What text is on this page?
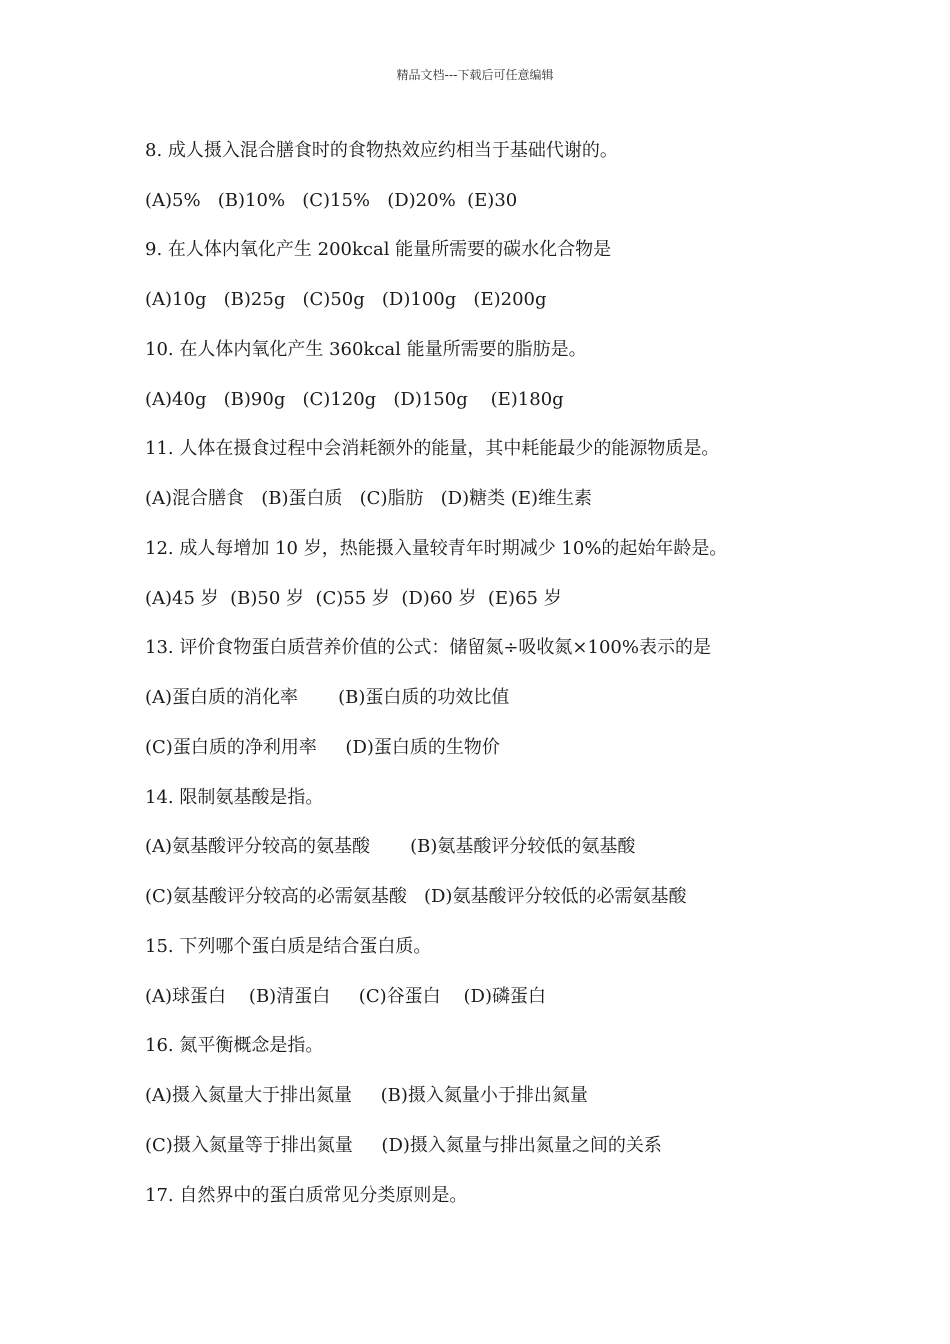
精品文档---下载后可任意编辑
8. 成人摄入混合膳食时的食物热效应约相当于基础代谢的。
(A)5%   (B)10%   (C)15%   (D)20%  (E)30
9. 在人体内氧化产生 200kcal 能量所需要的碳水化合物是
(A)10g   (B)25g   (C)50g   (D)100g   (E)200g
10. 在人体内氧化产生 360kcal 能量所需要的脂肪是。
(A)40g   (B)90g   (C)120g   (D)150g    (E)180g
11. 人体在摄食过程中会消耗额外的能量，其中耗能最少的能源物质是。
(A)混合膳食   (B)蛋白质   (C)脂肪   (D)糖类 (E)维生素
12. 成人每增加 10 岁，热能摄入量较青年时期减少 10%的起始年龄是。
(A)45 岁  (B)50 岁  (C)55 岁  (D)60 岁  (E)65 岁
13. 评价食物蛋白质营养价值的公式：储留氮÷吸收氮×100%表示的是
(A)蛋白质的消化率       (B)蛋白质的功效比值
(C)蛋白质的净利用率     (D)蛋白质的生物价
14. 限制氨基酸是指。
(A)氨基酸评分较高的氨基酸       (B)氨基酸评分较低的氨基酸
(C)氨基酸评分较高的必需氨基酸   (D)氨基酸评分较低的必需氨基酸
15. 下列哪个蛋白质是结合蛋白质。
(A)球蛋白    (B)清蛋白     (C)谷蛋白    (D)磷蛋白
16. 氮平衡概念是指。
(A)摄入氮量大于排出氮量     (B)摄入氮量小于排出氮量
(C)摄入氮量等于排出氮量     (D)摄入氮量与排出氮量之间的关系
17. 自然界中的蛋白质常见分类原则是。
